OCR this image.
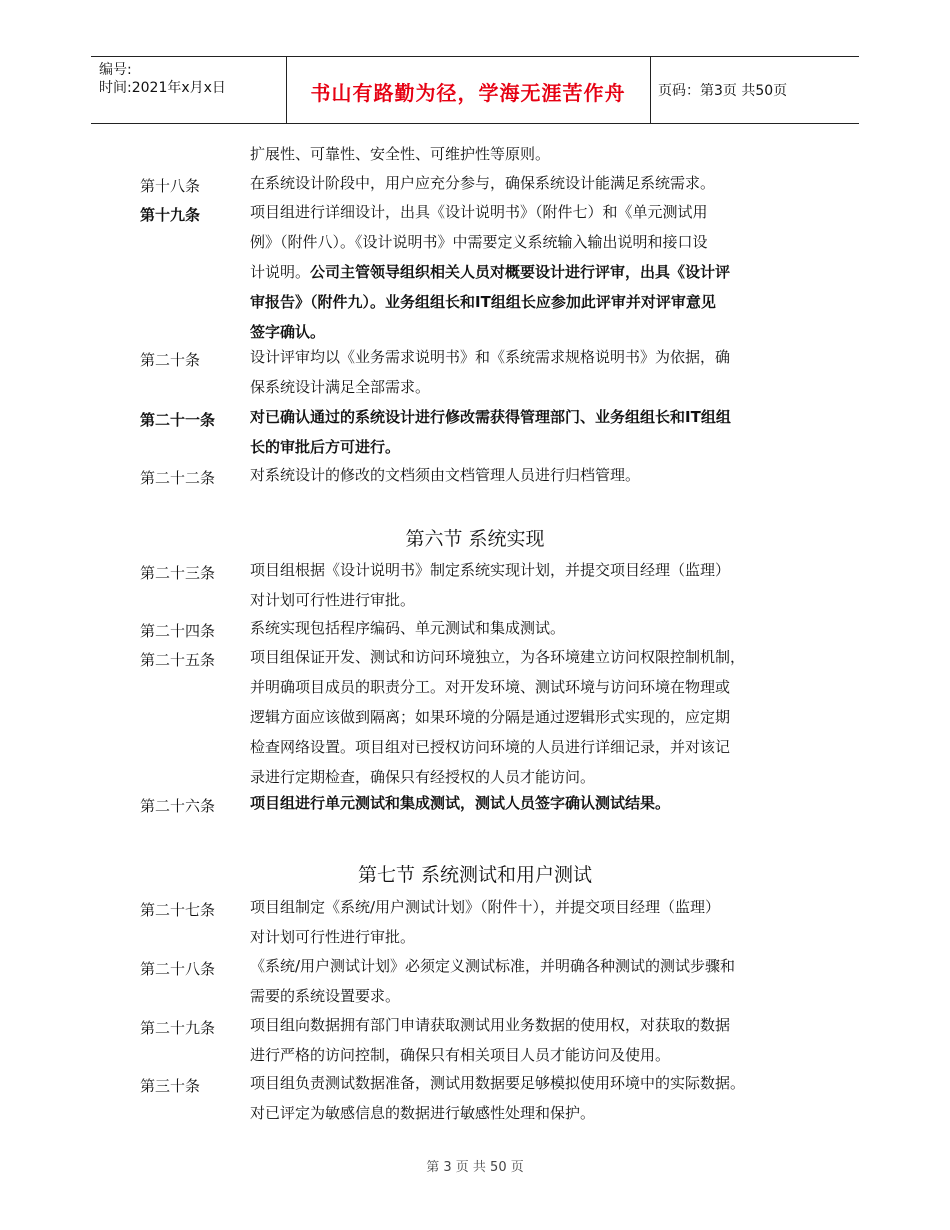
编号:
时间:2021年x月x日	书山有路勤为径，学海无涯苦作舟	页码：第3页 共50页
扩展性、可靠性、安全性、可维护性等原则。
第十八条	在系统设计阶段中，用户应充分参与，确保系统设计能满足系统需求。
第十九条	项目组进行详细设计，出具《设计说明书》（附件七）和《单元测试用
例》（附件八）。《设计说明书》中需要定义系统输入输出说明和接口设
计说明。公司主管领导组织相关人员对概要设计进行评审，出具《设计评
审报告》（附件九）。业务组组长和IT组组长应参加此评审并对评审意见
签字确认。
第二十条	设计评审均以《业务需求说明书》和《系统需求规格说明书》为依据，确
保系统设计满足全部需求。
第二十一条 对已确认通过的系统设计进行修改需获得管理部门、业务组组长和IT组组
长的审批后方可进行。
第二十二条 对系统设计的修改的文档须由文档管理人员进行归档管理。
第六节 系统实现
第二十三条 项目组根据《设计说明书》制定系统实现计划，并提交项目经理（监理）
对计划可行性进行审批。
第二十四条 系统实现包括程序编码、单元测试和集成测试。
第二十五条 项目组保证开发、测试和访问环境独立，为各环境建立访问权限控制机制，
并明确项目成员的职责分工。对开发环境、测试环境与访问环境在物理或
逻辑方面应该做到隔离；如果环境的分隔是通过逻辑形式实现的，应定期
检查网络设置。项目组对已授权访问环境的人员进行详细记录，并对该记
录进行定期检查，确保只有经授权的人员才能访问。
第二十六条 项目组进行单元测试和集成测试，测试人员签字确认测试结果。
第七节 系统测试和用户测试
第二十七条 项目组制定《系统/用户测试计划》（附件十），并提交项目经理（监理）
对计划可行性进行审批。
第二十八条 《系统/用户测试计划》必须定义测试标准，并明确各种测试的测试步骤和
需要的系统设置要求。
第二十九条 项目组向数据拥有部门申请获取测试用业务数据的使用权，对获取的数据
进行严格的访问控制，确保只有相关项目人员才能访问及使用。
第三十条	项目组负责测试数据准备，测试用数据要足够模拟使用环境中的实际数据。
对已评定为敏感信息的数据进行敏感性处理和保护。
第 3 页 共 50 页
